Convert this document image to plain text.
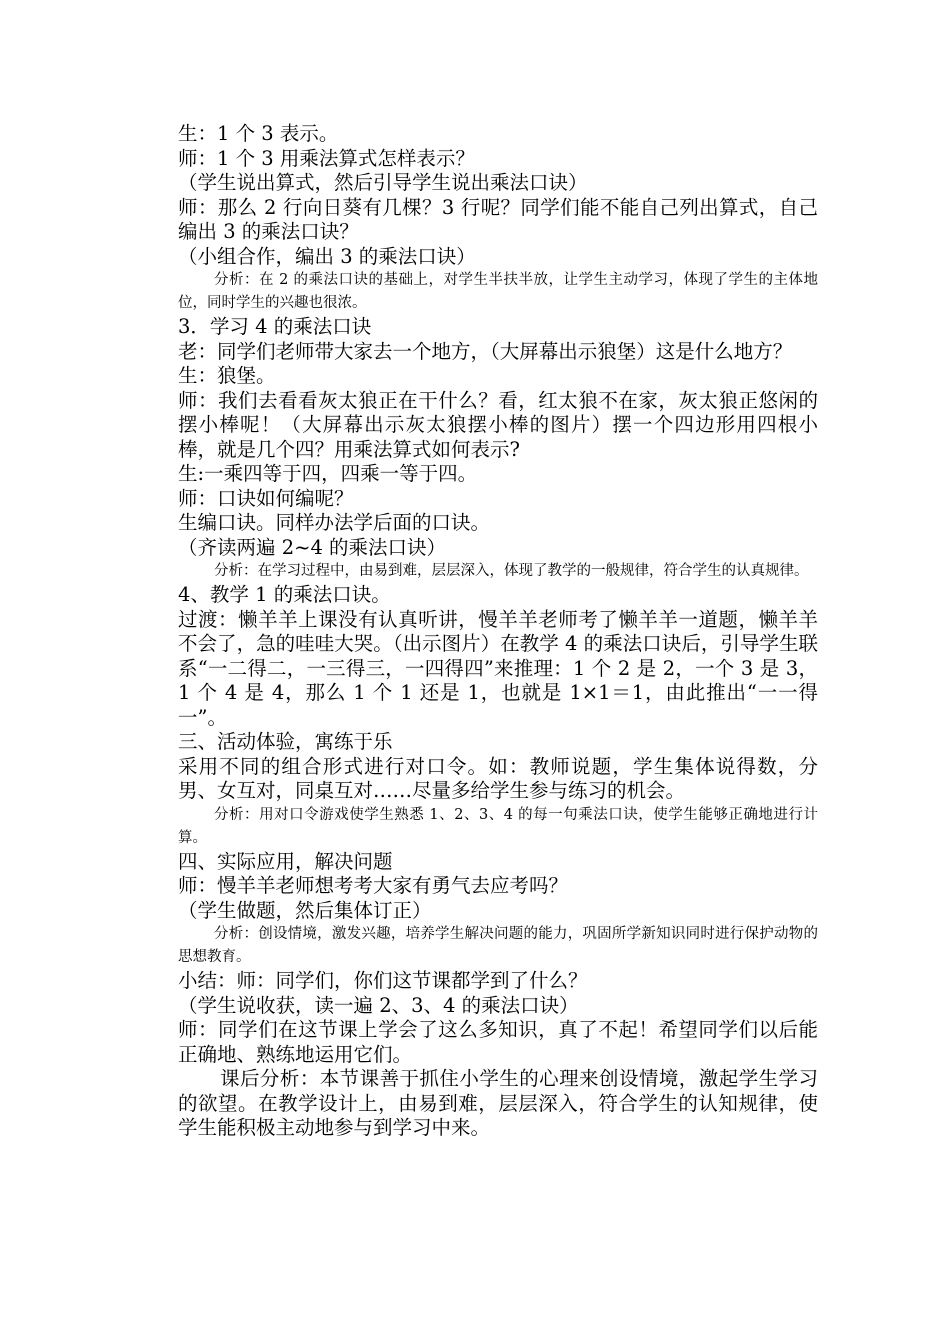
生：1 个 3 表示。

师：1 个 3 用乘法算式怎样表示？

（学生说出算式，然后引导学生说出乘法口诀）

师：那么 2 行向日葵有几棵？3 行呢？同学们能不能自己列出算式，自己编出 3 的乘法口诀？

（小组合作，编出 3 的乘法口诀）

分析：在 2 的乘法口诀的基础上，对学生半扶半放，让学生主动学习，体现了学生的主体地位，同时学生的兴趣也很浓。

3．学习 4 的乘法口诀

老：同学们老师带大家去一个地方，（大屏幕出示狼堡）这是什么地方？

生：狼堡。

师：我们去看看灰太狼正在干什么？看，红太狼不在家，灰太狼正悠闲的摆小棒呢！（大屏幕出示灰太狼摆小棒的图片）摆一个四边形用四根小棒，就是几个四？用乘法算式如何表示?

生:一乘四等于四，四乘一等于四。

师：口诀如何编呢？

生编口诀。同样办法学后面的口诀。

（齐读两遍 2~4 的乘法口诀）

分析：在学习过程中，由易到难，层层深入，体现了教学的一般规律，符合学生的认真规律。

4、教学 1 的乘法口诀。

过渡：懒羊羊上课没有认真听讲，慢羊羊老师考了懒羊羊一道题，懒羊羊不会了，急的哇哇大哭。（出示图片）在教学 4 的乘法口诀后，引导学生联系“一二得二，一三得三，一四得四”来推理：1 个 2 是 2，一个 3 是 3，1 个 4 是 4，那么 1 个 1 还是 1，也就是 1×1＝1，由此推出“一一得一”。

三、活动体验，寓练于乐

采用不同的组合形式进行对口令。如：教师说题，学生集体说得数，分男、女互对，同桌互对……尽量多给学生参与练习的机会。

分析：用对口令游戏使学生熟悉 1、2、3、4 的每一句乘法口诀，使学生能够正确地进行计算。

四、实际应用，解决问题

师：慢羊羊老师想考考大家有勇气去应考吗？

（学生做题，然后集体订正）

分析：创设情境，激发兴趣，培养学生解决问题的能力，巩固所学新知识同时进行保护动物的思想教育。

小结：师：同学们，你们这节课都学到了什么？

（学生说收获，读一遍 2、3、4 的乘法口诀）

师：同学们在这节课上学会了这么多知识，真了不起！希望同学们以后能正确地、熟练地运用它们。

课后分析：本节课善于抓住小学生的心理来创设情境，激起学生学习的欲望。在教学设计上，由易到难，层层深入，符合学生的认知规律，使学生能积极主动地参与到学习中来。
